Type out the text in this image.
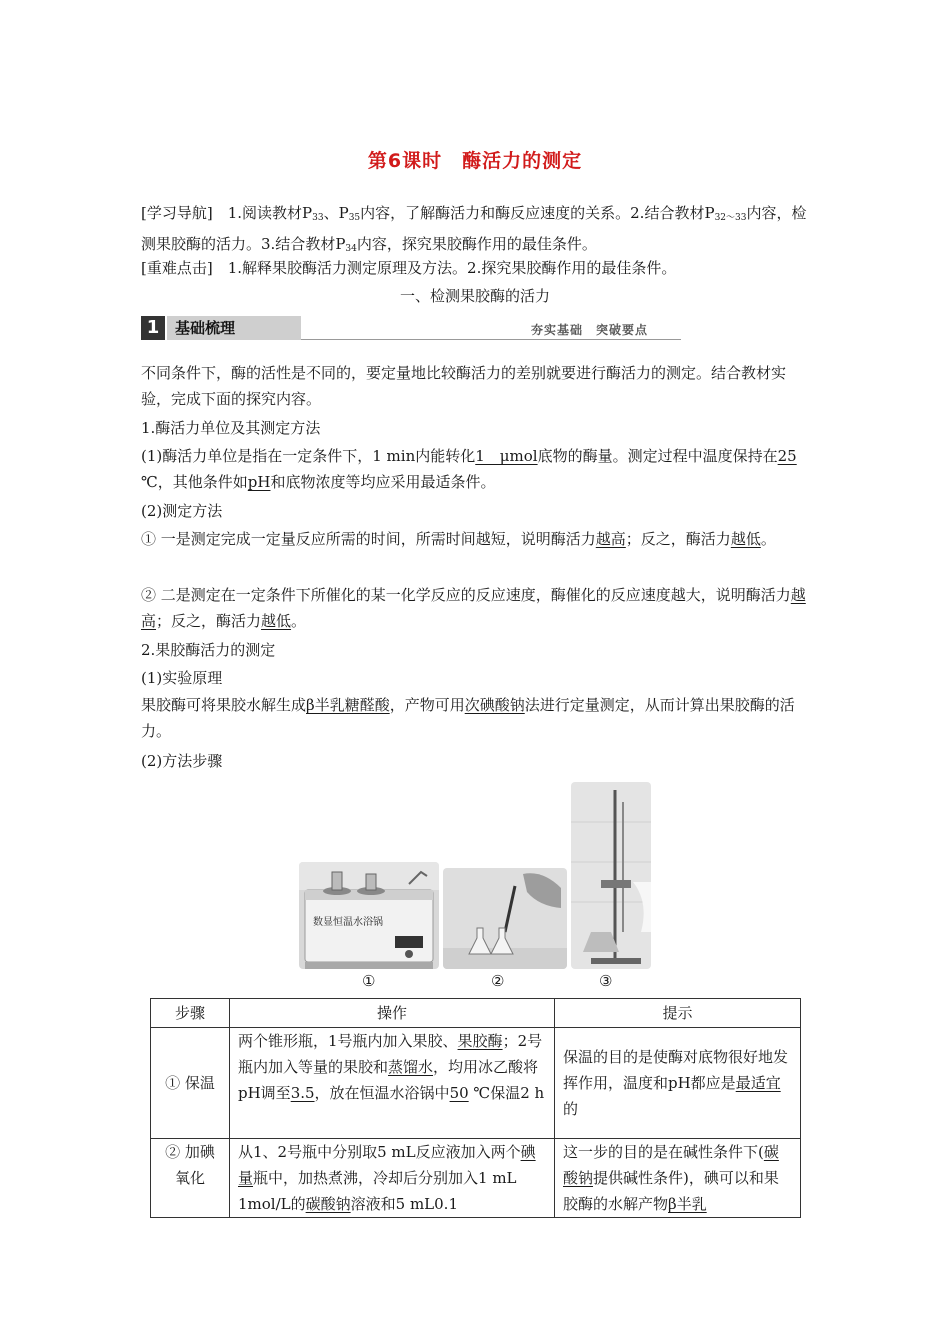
第6课时　酶活力的测定
[学习导航]　 1.阅读教材$P_{33}$、$P_{35}$内容，了解酶活力和酶反应速度的关系。2.结合教材$P_{32\sim 33}$内容，检测果胶酶的活力。3.结合教材$P_{34}$内容，探究果胶酶作用的最佳条件。
[重难点击]　 1.解释果胶酶活力测定原理及方法。2.探究果胶酶作用的最佳条件。
一、检测果胶酶的活力
1	基础梳理	夯实基础　突破要点
不同条件下，酶的活性是不同的，要定量地比较酶活力的差别就要进行酶活力的测定。结合教材实验，完成下面的探究内容。
1.酶活力单位及其测定方法
(1)酶活力单位是指在一定条件下，1 min内能转化1　μmol底物的酶量。测定过程中温度保持在25 ℃，其他条件如pH和底物浓度等均应采用最适条件。
(2)测定方法
① 一是测定完成一定量反应所需的时间，所需时间越短，说明酶活力越高；反之，酶活力越低。
② 二是测定在一定条件下所催化的某一化学反应的反应速度，酶催化的反应速度越大，说明酶活力越高；反之，酶活力越低。
2.果胶酶活力的测定
(1)实验原理
果胶酶可将果胶水解生成β半乳糖醛酸，产物可用次碘酸钠法进行定量测定，从而计算出果胶酶的活力。
(2)方法步骤
数显恒温水浴锅
①	②	③
步骤	操作	提示
① 保温	两个锥形瓶，1号瓶内加入果胶、果胶酶；2号瓶内加入等量的果胶和蒸馏水，均用冰乙酸将pH调至3.5，放在恒温水浴锅中50 ℃保温2 h	保温的目的是使酶对底物很好地发挥作用，温度和pH都应是最适宜的
② 加碘氧化	从1、2号瓶中分别取5 mL反应液加入两个碘量瓶中，加热煮沸，冷却后分别加入1 mL 1mol/L的碳酸钠溶液和5 mL0.1	这一步的目的是在碱性条件下(碳酸钠提供碱性条件)，碘可以和果胶酶的水解产物β半乳
